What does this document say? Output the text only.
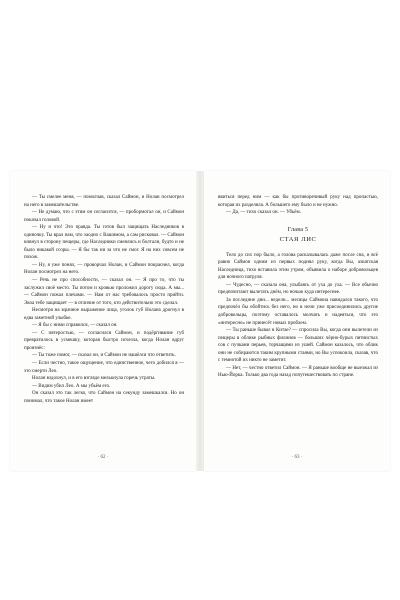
— Ты смелее меня, — помолчав, сказал Саймон, и Нолан посмотрел на него в замешательстве.

— Не думаю, что с этим он согласится, — пробормотал он, и Саймон покачал головой.

— Ну и что! Это правда. Ты готов был защищать Наследников в одиночку. Ты врал нам, что заодно с Вашимом, а сам рисковал. — Саймон кивнул в сторону пещеры, где Наследники смеялись и болтали, будто и не было никакой ссоры. — Я бы так ни за что не смог. Я на них совсем не похож.

— Ну, я уже понял, — проворчал Нолан, и Саймон покраснел, когда Нолан посмотрел на него.

— Речь не про способности, — сказал он. — Я про то, что ты заслужил своё место. Ты потом и кровью проложил дорогу сюда. А мы... — Саймон пожал плечами. — Нам от нас требовалось просто прийти. Экоа тебе защищает — в отличие от того, кто действительно это сделал.

Несмотря на мрачное выражение лица, уголок губ Нолана дрогнул в едва заметной улыбке.

— Я бы с ними справился, — сказал он.

— С пятеростью, — согласился Саймон, и подёргивание губ превратилось в усмешку, которая быстро исчезла, когда Нолан вдруг произнёс:

— Ты тоже помог, — сказал он, и Саймон не нашёлся что ответить.

— Если честно, такое ощущение, что единственное, чего добился я — это смерти Лео.

Нолан вздохнул, и в его взгляде мелькнула горечь утраты.

— Видим убил Лео. А мы убьём его.

Он сказал это так легко, что Саймон на секунду замешкался. Но он понимал, что такое Нолан имеет

· 62 ·

ввиться перед ним — как бы противоречивый руку над пропастью, которая их разделяла. А большего ему было и не нужно.

— Да, — тихо сказал он. — Убьём.

Глава 5
СТАЯ ЛИС

Тело до сих пор было, а голова раскалывалась даже после сна, и всё равно Саймон одним из первых поднял руку, когда Вы, азиатская Наследница, тихо вставила этим утром, объявила о наборе добровольцев для ночного патруля.

— Чудесно, — сказала она, улыбаясь от уха до уха. — Все обычно предпочитают вылетать днём, но ночью куда интереснее.

За последние дни... недели... месяцы Саймона навидался такого, что предпочёл бы обойтись без него, но в ночи уже присоединились другие добровольцы, поэтому оставалось молчать и надеяться, что это «интересно» не принесёт новых проблем.

— Ты раньше бывал в Китае? — спросила Вы, когда они вылетели из пещеры в облике рыбных филинов — больших чёрно-бурых пятнистых сов с пучками перьев, торчащими из ушей. Саймон казалось, что облик они не собираются таким крупными стаями, но Вы успокоила, сказав, что с темнотой их никто не заметит.

— Нет, — честно ответил Саймон. — Я раньше вообще не выезжал из Нью-Йорка. Только два года назад попутешествовать по стране.

· 63 ·
